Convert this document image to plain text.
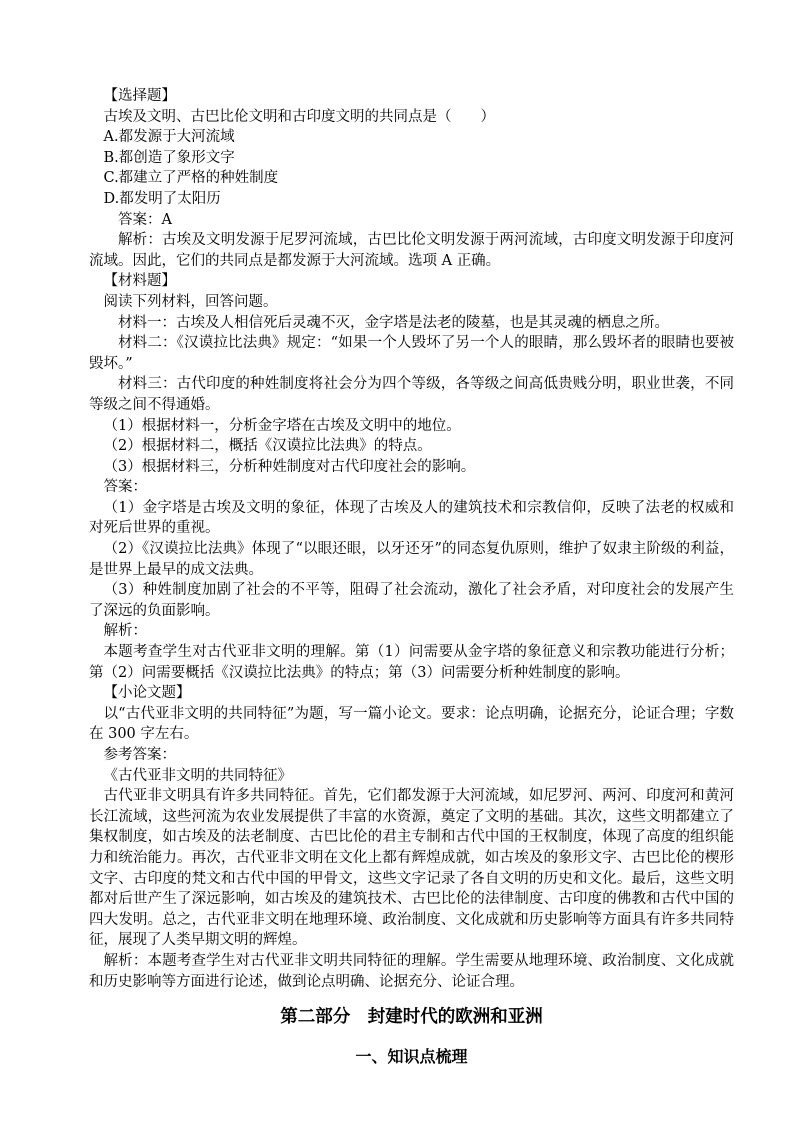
【选择题】

古埃及文明、古巴比伦文明和古印度文明的共同点是（　　）

A.都发源于大河流域

B.都创造了象形文字

C.都建立了严格的种姓制度

D.都发明了太阳历

答案：A

解析：古埃及文明发源于尼罗河流域，古巴比伦文明发源于两河流域，古印度文明发源于印度河流域。因此，它们的共同点是都发源于大河流域。选项 A 正确。

【材料题】

阅读下列材料，回答问题。

材料一：古埃及人相信死后灵魂不灭，金字塔是法老的陵墓，也是其灵魂的栖息之所。

材料二：《汉谟拉比法典》规定：“如果一个人毁坏了另一个人的眼睛，那么毁坏者的眼睛也要被毁坏。”

材料三：古代印度的种姓制度将社会分为四个等级，各等级之间高低贵贱分明，职业世袭，不同等级之间不得通婚。

（1）根据材料一，分析金字塔在古埃及文明中的地位。

（2）根据材料二，概括《汉谟拉比法典》的特点。

（3）根据材料三，分析种姓制度对古代印度社会的影响。

答案：

（1）金字塔是古埃及文明的象征，体现了古埃及人的建筑技术和宗教信仰，反映了法老的权威和对死后世界的重视。

（2）《汉谟拉比法典》体现了“以眼还眼，以牙还牙”的同态复仇原则，维护了奴隶主阶级的利益，是世界上最早的成文法典。

（3）种姓制度加剧了社会的不平等，阻碍了社会流动，激化了社会矛盾，对印度社会的发展产生了深远的负面影响。

解析：

本题考查学生对古代亚非文明的理解。第（1）问需要从金字塔的象征意义和宗教功能进行分析；第（2）问需要概括《汉谟拉比法典》的特点；第（3）问需要分析种姓制度的影响。

【小论文题】

以“古代亚非文明的共同特征”为题，写一篇小论文。要求：论点明确，论据充分，论证合理；字数在 300 字左右。

参考答案：

《古代亚非文明的共同特征》

古代亚非文明具有许多共同特征。首先，它们都发源于大河流域，如尼罗河、两河、印度河和黄河长江流域，这些河流为农业发展提供了丰富的水资源，奠定了文明的基础。其次，这些文明都建立了集权制度，如古埃及的法老制度、古巴比伦的君主专制和古代中国的王权制度，体现了高度的组织能力和统治能力。再次，古代亚非文明在文化上都有辉煌成就，如古埃及的象形文字、古巴比伦的楔形文字、古印度的梵文和古代中国的甲骨文，这些文字记录了各自文明的历史和文化。最后，这些文明都对后世产生了深远影响，如古埃及的建筑技术、古巴比伦的法律制度、古印度的佛教和古代中国的四大发明。总之，古代亚非文明在地理环境、政治制度、文化成就和历史影响等方面具有许多共同特征，展现了人类早期文明的辉煌。

解析：本题考查学生对古代亚非文明共同特征的理解。学生需要从地理环境、政治制度、文化成就和历史影响等方面进行论述，做到论点明确、论据充分、论证合理。

第二部分　封建时代的欧洲和亚洲
一、知识点梳理
